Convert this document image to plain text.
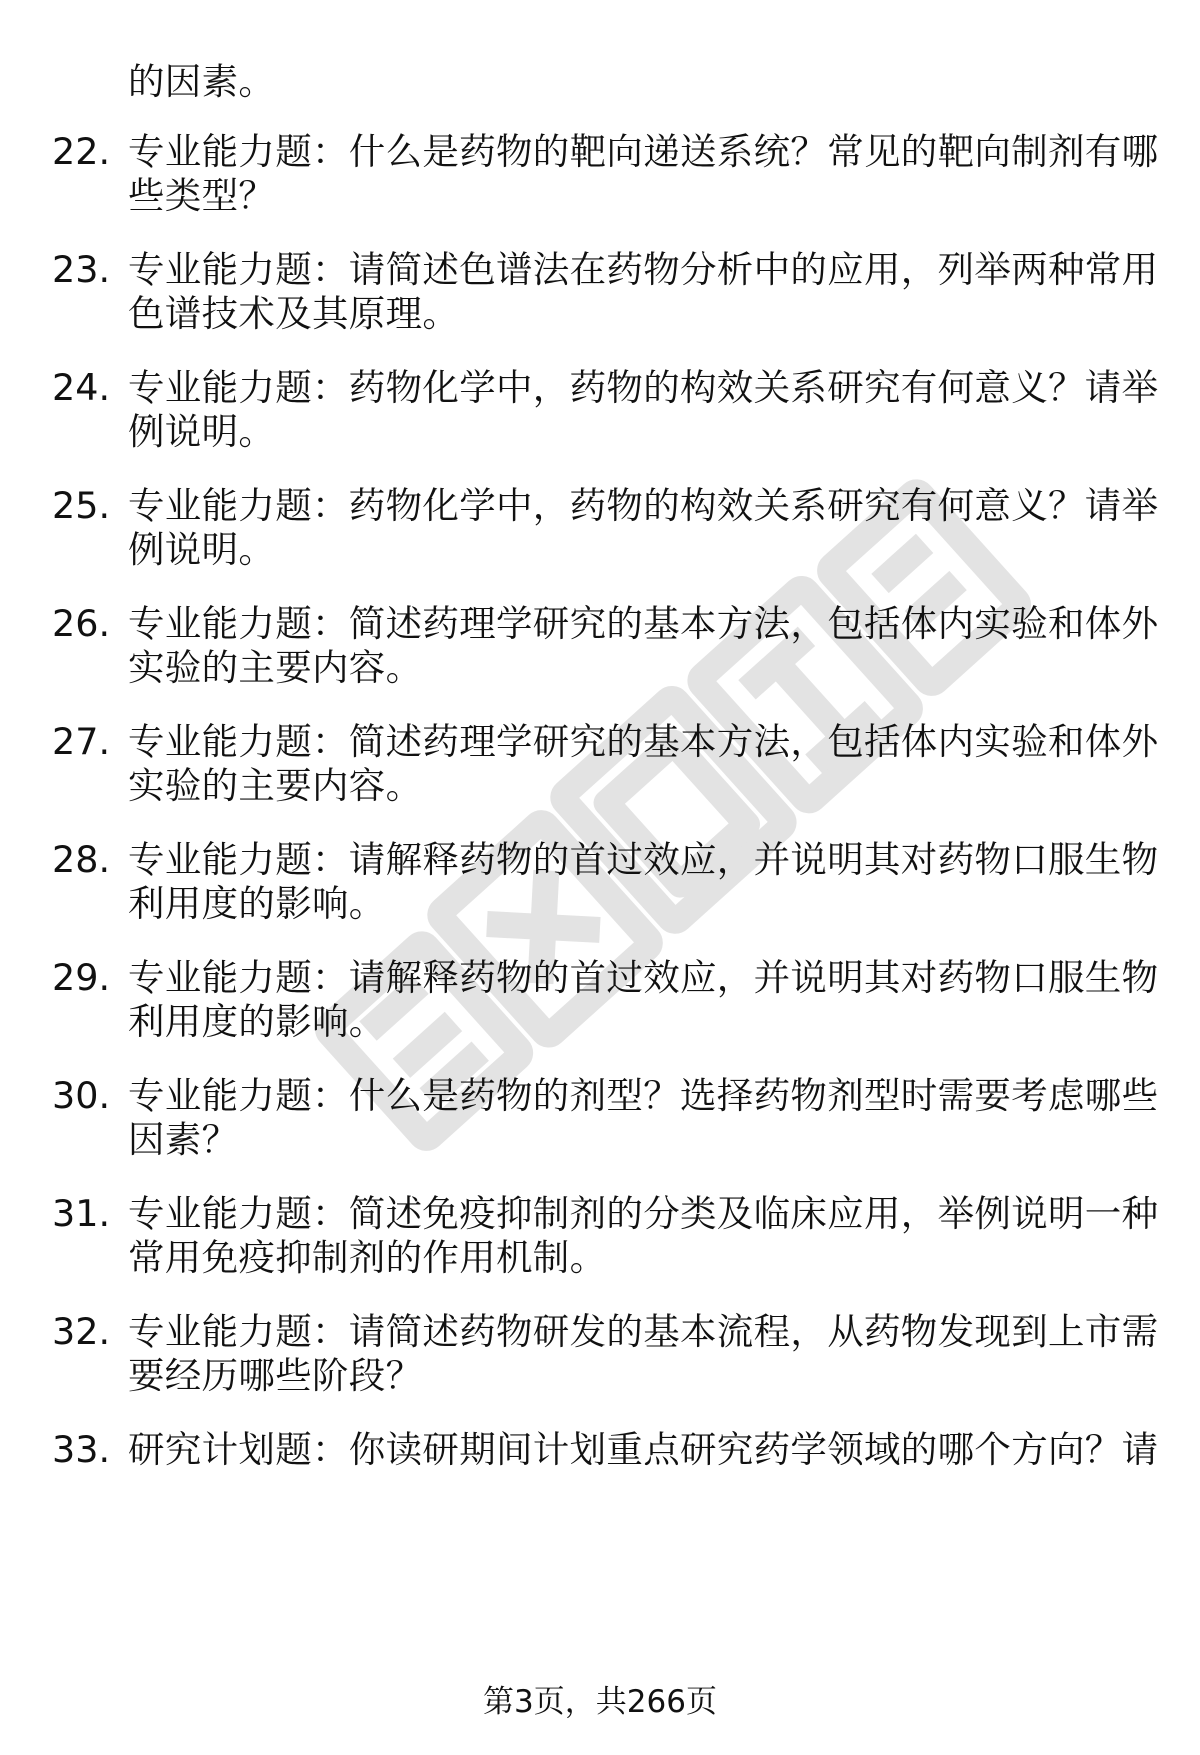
的因素。
22. 专业能力题：什么是药物的靶向递送系统？常见的靶向制剂有哪
些类型？
23. 专业能力题：请简述色谱法在药物分析中的应用，列举两种常用
色谱技术及其原理。
24. 专业能力题：药物化学中，药物的构效关系研究有何意义？请举
例说明。
25. 专业能力题：药物化学中，药物的构效关系研究有何意义？请举
例说明。
26. 专业能力题：简述药理学研究的基本方法，包括体内实验和体外
实验的主要内容。
27. 专业能力题：简述药理学研究的基本方法，包括体内实验和体外
实验的主要内容。
28. 专业能力题：请解释药物的首过效应，并说明其对药物口服生物
利用度的影响。
29. 专业能力题：请解释药物的首过效应，并说明其对药物口服生物
利用度的影响。
30. 专业能力题：什么是药物的剂型？选择药物剂型时需要考虑哪些
因素？
31. 专业能力题：简述免疫抑制剂的分类及临床应用，举例说明一种
常用免疫抑制剂的作用机制。
32. 专业能力题：请简述药物研发的基本流程，从药物发现到上市需
要经历哪些阶段？
33. 研究计划题：你读研期间计划重点研究药学领域的哪个方向？请
第3页，共266页
